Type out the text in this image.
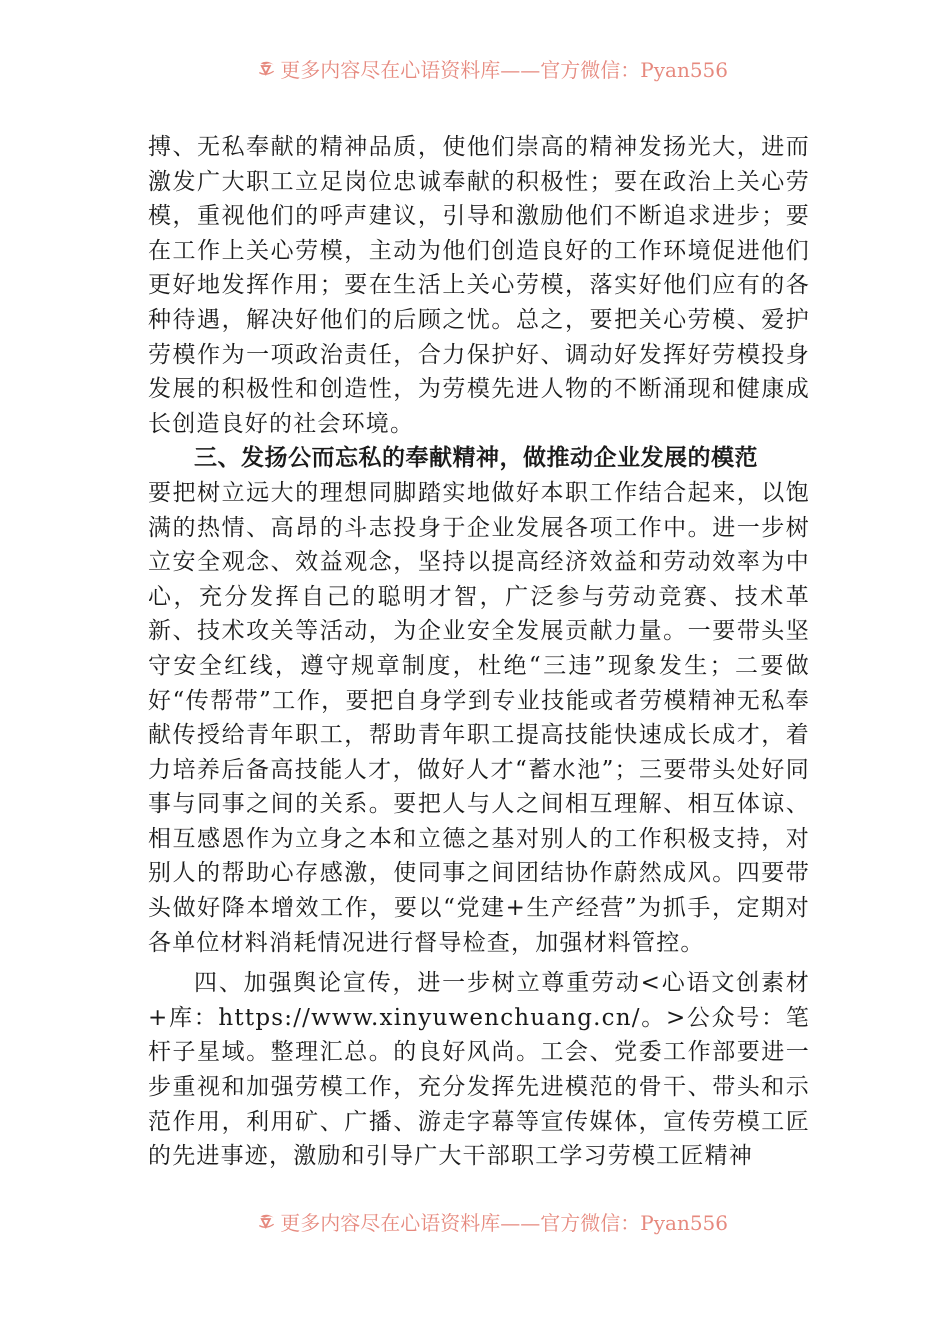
更多内容尽在心语资料库——官方微信：Pyan556

搏、无私奉献的精神品质，使他们崇高的精神发扬光大，进而激发广大职工立足岗位忠诚奉献的积极性；要在政治上关心劳模，重视他们的呼声建议，引导和激励他们不断追求进步；要在工作上关心劳模，主动为他们创造良好的工作环境促进他们更好地发挥作用；要在生活上关心劳模，落实好他们应有的各种待遇，解决好他们的后顾之忧。总之，要把关心劳模、爱护劳模作为一项政治责任，合力保护好、调动好发挥好劳模投身发展的积极性和创造性，为劳模先进人物的不断涌现和健康成长创造良好的社会环境。

三、发扬公而忘私的奉献精神，做推动企业发展的模范

要把树立远大的理想同脚踏实地做好本职工作结合起来，以饱满的热情、高昂的斗志投身于企业发展各项工作中。进一步树立安全观念、效益观念，坚持以提高经济效益和劳动效率为中心，充分发挥自己的聪明才智，广泛参与劳动竞赛、技术革新、技术攻关等活动，为企业安全发展贡献力量。一要带头坚守安全红线，遵守规章制度，杜绝“三违”现象发生；二要做好“传帮带”工作，要把自身学到专业技能或者劳模精神无私奉献传授给青年职工，帮助青年职工提高技能快速成长成才，着力培养后备高技能人才，做好人才“蓄水池”；三要带头处好同事与同事之间的关系。要把人与人之间相互理解、相互体谅、相互感恩作为立身之本和立德之基对别人的工作积极支持，对别人的帮助心存感激，使同事之间团结协作蔚然成风。四要带头做好降本增效工作，要以“党建+生产经营”为抓手，定期对各单位材料消耗情况进行督导检查，加强材料管控。

四、加强舆论宣传，进一步树立尊重劳动<心语文创素材+库：https://www.xinyuwenchuang.cn/。>公众号：笔杆子星域。整理汇总。的良好风尚。工会、党委工作部要进一步重视和加强劳模工作，充分发挥先进模范的骨干、带头和示范作用，利用矿、广播、游走字幕等宣传媒体，宣传劳模工匠的先进事迹，激励和引导广大干部职工学习劳模工匠精神

更多内容尽在心语资料库——官方微信：Pyan556
